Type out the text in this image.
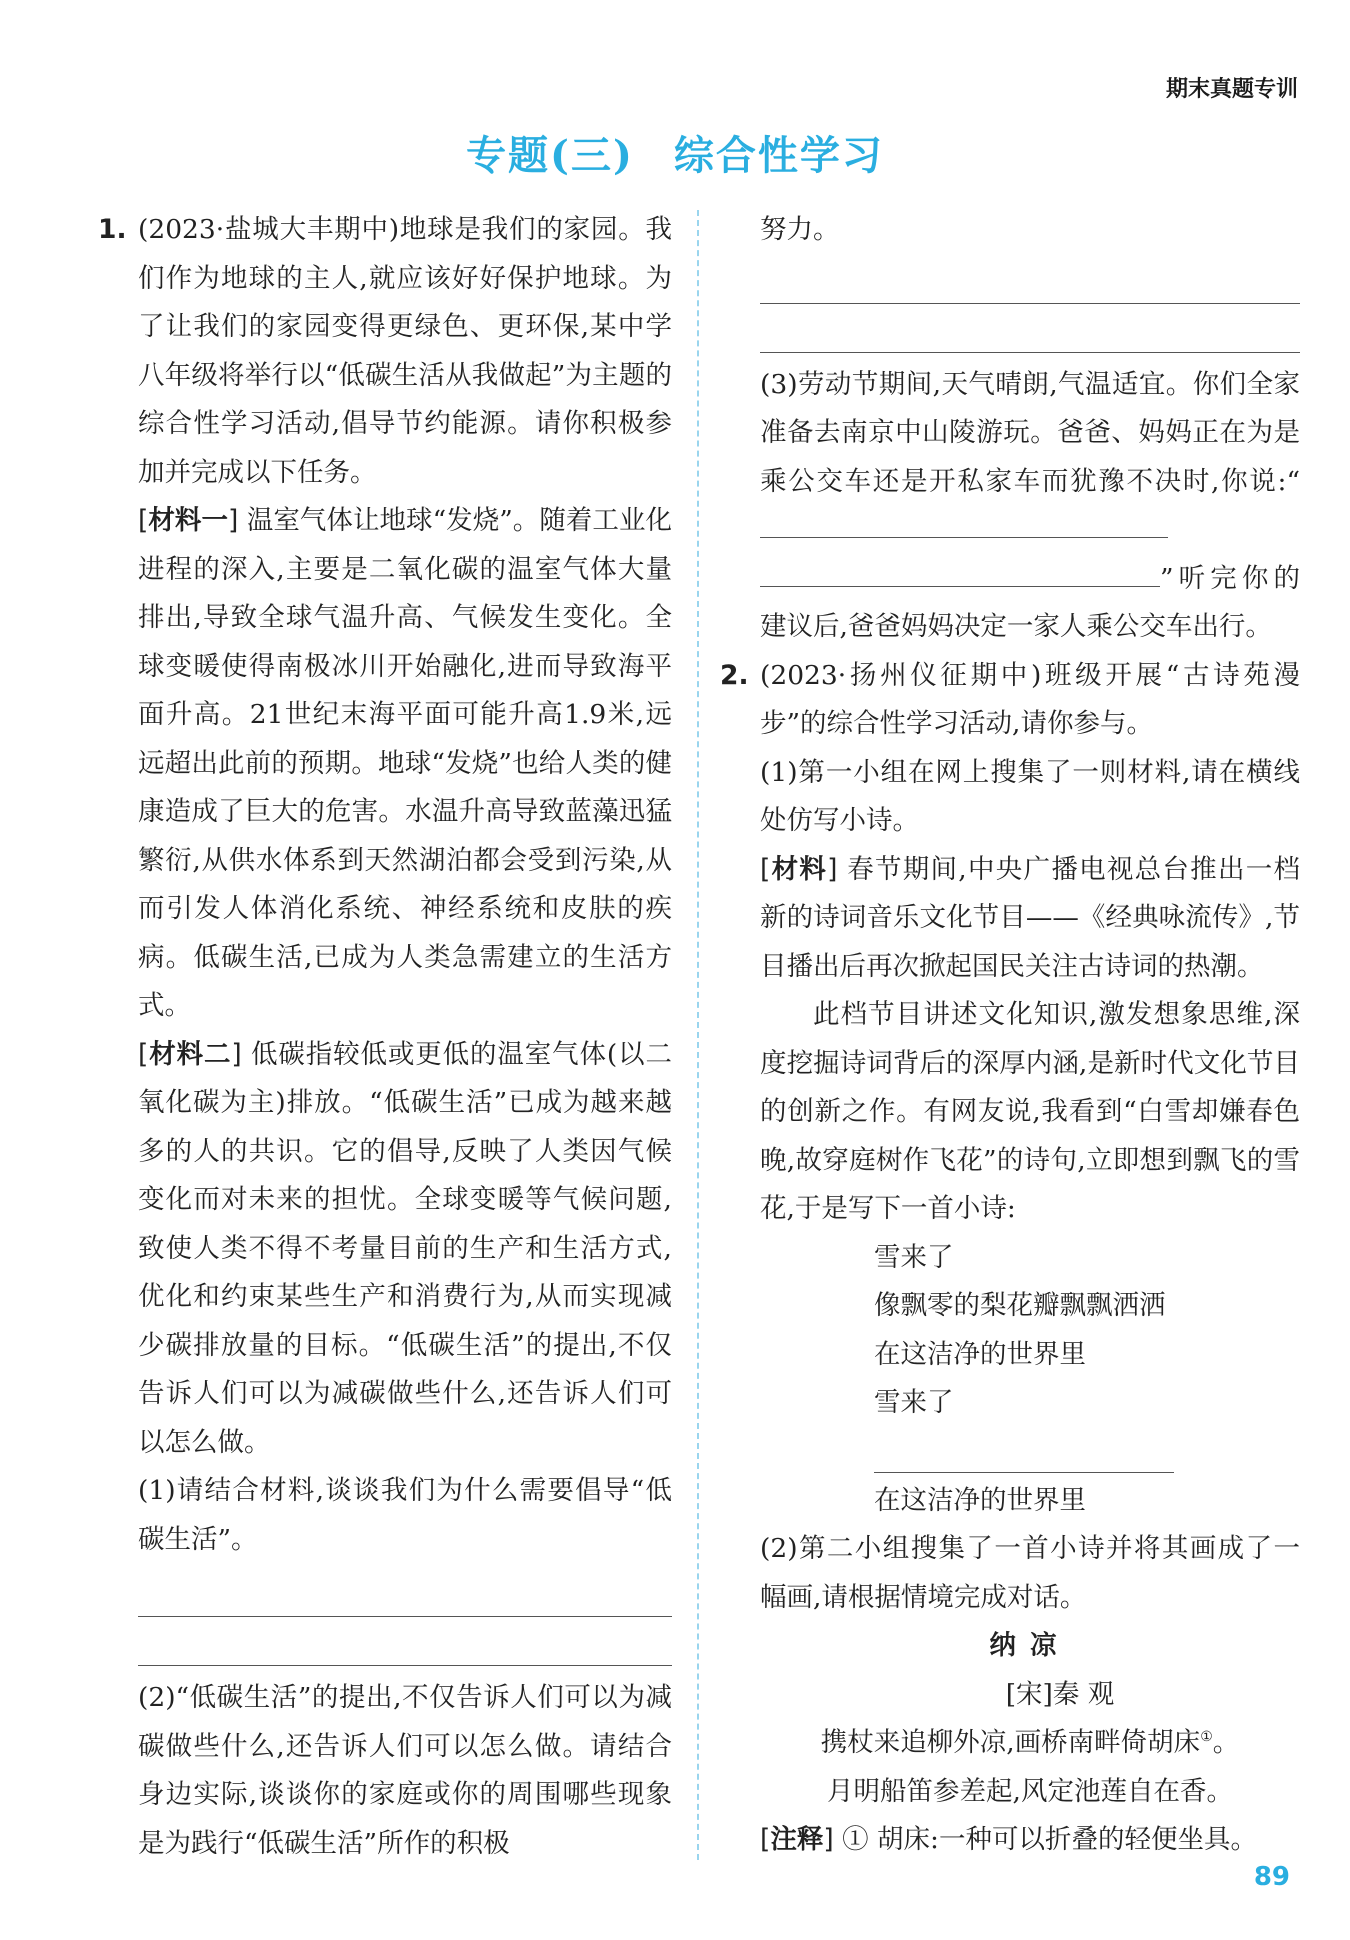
期末真题专训
专题(三) 综合性学习

1. (2023·盐城大丰期中)地球是我们的家园。我们作为地球的主人,就应该好好保护地球。为了让我们的家园变得更绿色、更环保,某中学八年级将举行以“低碳生活从我做起”为主题的综合性学习活动,倡导节约能源。请你积极参加并完成以下任务。

[ 材料一 ] 温室气体让地球“发烧”。随着工业化进程的深入,主要是二氧化碳的温室气体大量排出,导致全球气温升高、气候发生变化。全球变暖使得南极冰川开始融化,进而导致海平面升高。21世纪末海平面可能升高1.9米,远远超出此前的预期。地球“发烧”也给人类的健康造成了巨大的危害。水温升高导致蓝藻迅猛繁衍,从供水体系到天然湖泊都会受到污染,从而引发人体消化系统、神经系统和皮肤的疾病。低碳生活,已成为人类急需建立的生活方式。

[ 材料二 ] 低碳指较低或更低的温室气体(以二氧化碳为主)排放。“低碳生活”已成为越来越多的人的共识。它的倡导,反映了人类因气候变化而对未来的担忧。全球变暖等气候问题,致使人类不得不考量目前的生产和生活方式,优化和约束某些生产和消费行为,从而实现减少碳排放量的目标。“低碳生活”的提出,不仅告诉人们可以为减碳做些什么,还告诉人们可以怎么做。

(1)请结合材料,谈谈我们为什么需要倡导“低碳生活”。

(2)“低碳生活”的提出,不仅告诉人们可以为减碳做些什么,还告诉人们可以怎么做。请结合身边实际,谈谈你的家庭或你的周围哪些现象是为践行“低碳生活”所作的积极

努力。

(3)劳动节期间,天气晴朗,气温适宜。你们全家准备去南京中山陵游玩。爸爸、妈妈正在为是乘公交车还是开私家车而犹豫不决时,你说:“
”听完你的建议后,爸爸妈妈决定一家人乘公交车出行。

2. (2023·扬州仪征期中)班级开展“古诗苑漫步”的综合性学习活动,请你参与。

(1)第一小组在网上搜集了一则材料,请在横线处仿写小诗。

[ 材料 ] 春节期间,中央广播电视总台推出一档新的诗词音乐文化节目——《经典咏流传》,节目播出后再次掀起国民关注古诗词的热潮。

此档节目讲述文化知识,激发想象思维,深度挖掘诗词背后的深厚内涵,是新时代文化节目的创新之作。有网友说,我看到“白雪却嫌春色晚,故穿庭树作飞花”的诗句,立即想到飘飞的雪花,于是写下一首小诗:

雪来了

像飘零的梨花瓣飘飘洒洒

在这洁净的世界里

雪来了

在这洁净的世界里

(2)第二小组搜集了一首小诗并将其画成了一幅画,请根据情境完成对话。

纳凉

[宋]秦 观

携杖来追柳外凉,画桥南畔倚胡床①。

月明船笛参差起,风定池莲自在香。

[ 注释 ] ① 胡床:一种可以折叠的轻便坐具。

89
